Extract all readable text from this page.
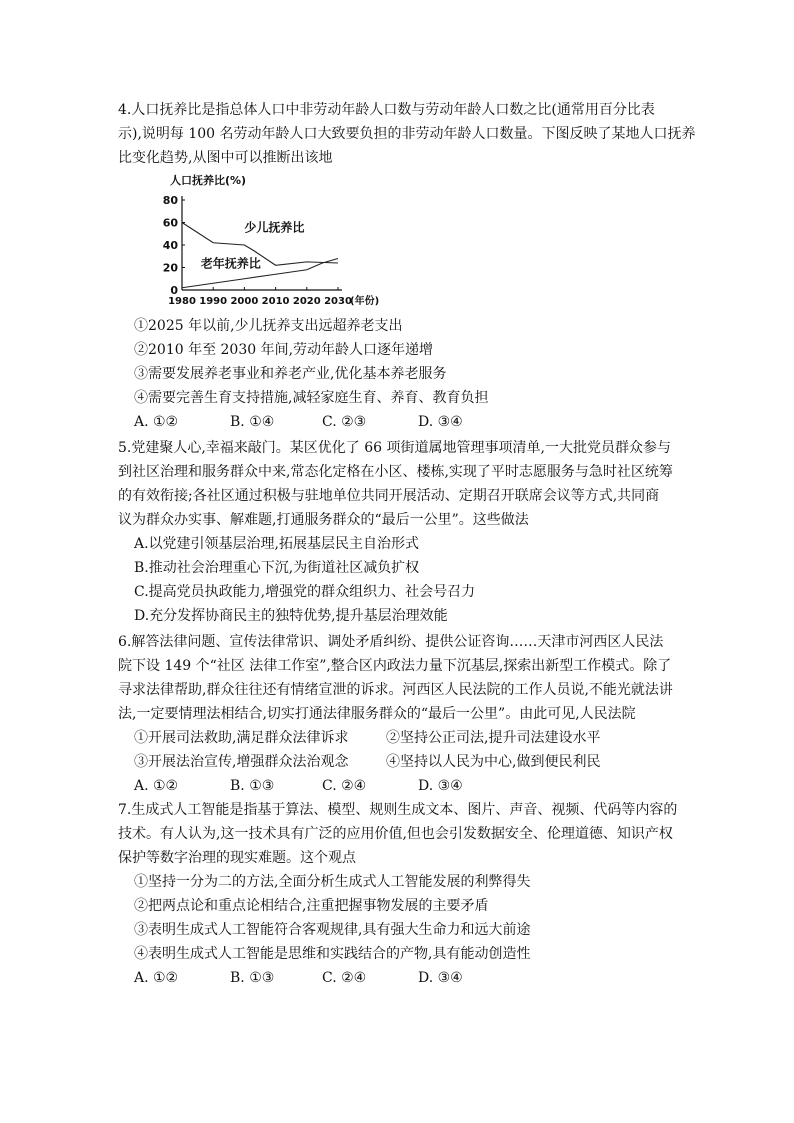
4.人口抚养比是指总体人口中非劳动年龄人口数与劳动年龄人口数之比(通常用百分比表
示),说明每 100 名劳动年龄人口大致要负担的非劳动年龄人口数量。下图反映了某地人口抚养
比变化趋势,从图中可以推断出该地
人口抚养比(%)
0
20
40
60
80
1980 1990 2000 2010 2020 2030
(年份)
少儿抚养比
老年抚养比
①2025 年以前,少儿抚养支出远超养老支出
②2010 年至 2030 年间,劳动年龄人口逐年递增
③需要发展养老事业和养老产业,优化基本养老服务
④需要完善生育支持措施,减轻家庭生育、养育、教育负担
A. ①②	B. ①④	C. ②③	D. ③④
5.党建聚人心,幸福来敲门。某区优化了 66 项街道属地管理事项清单,一大批党员群众参与
到社区治理和服务群众中来,常态化定格在小区、楼栋,实现了平时志愿服务与急时社区统筹
的有效衔接;各社区通过积极与驻地单位共同开展活动、定期召开联席会议等方式,共同商
议为群众办实事、解难题,打通服务群众的“最后一公里”。这些做法
A.以党建引领基层治理,拓展基层民主自治形式
B.推动社会治理重心下沉,为街道社区减负扩权
C.提高党员执政能力,增强党的群众组织力、社会号召力
D.充分发挥协商民主的独特优势,提升基层治理效能
6.解答法律问题、宣传法律常识、调处矛盾纠纷、提供公证咨询……天津市河西区人民法
院下设 149 个“社区 法律工作室”,整合区内政法力量下沉基层,探索出新型工作模式。除了
寻求法律帮助,群众往往还有情绪宣泄的诉求。河西区人民法院的工作人员说,不能光就法讲
法,一定要情理法相结合,切实打通法律服务群众的“最后一公里”。由此可见,人民法院
①开展司法救助,满足群众法律诉求	②坚持公正司法,提升司法建设水平
③开展法治宣传,增强群众法治观念	④坚持以人民为中心,做到便民利民
A. ①②	B. ①③	C. ②④	D. ③④
7.生成式人工智能是指基于算法、模型、规则生成文本、图片、声音、视频、代码等内容的
技术。有人认为,这一技术具有广泛的应用价值,但也会引发数据安全、伦理道德、知识产权
保护等数字治理的现实难题。这个观点
①坚持一分为二的方法,全面分析生成式人工智能发展的利弊得失
②把两点论和重点论相结合,注重把握事物发展的主要矛盾
③表明生成式人工智能符合客观规律,具有强大生命力和远大前途
④表明生成式人工智能是思维和实践结合的产物,具有能动创造性
A. ①②	B. ①③	C. ②④	D. ③④
